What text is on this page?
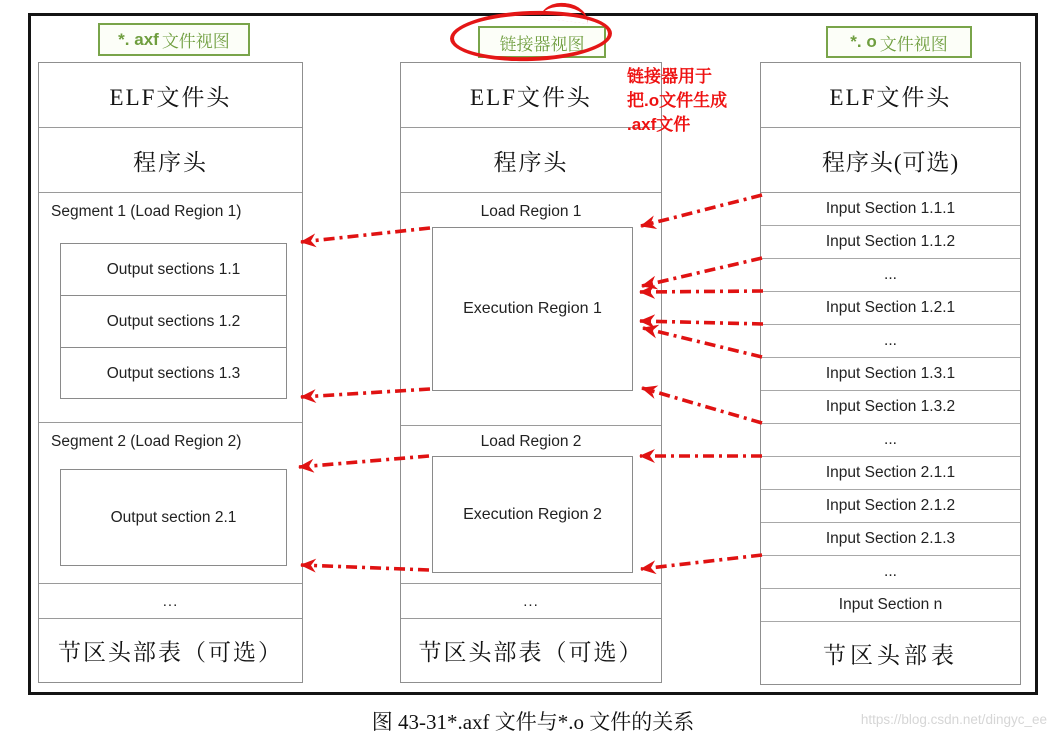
*. axf 文件视图	链接器视图	*. o 文件视图
链接器用于
把.o文件生成
.axf文件
ELF文件头
程序头
Segment 1 (Load Region 1)
Output sections 1.1
Output sections 1.2
Output sections 1.3
Segment 2 (Load Region 2)
Output section 2.1
...
节区头部表（可选）
ELF文件头
程序头
Load Region 1
Execution Region 1
Load Region 2
Execution Region 2
...
节区头部表（可选）
ELF文件头
程序头(可选)
Input Section 1.1.1
Input Section 1.1.2
...
Input Section 1.2.1
...
Input Section 1.3.1
Input Section 1.3.2
...
Input Section 2.1.1
Input Section 2.1.2
Input Section 2.1.3
...
Input Section n
节区头部表
图 43-31*.axf 文件与*.o 文件的关系	https://blog.csdn.net/dingyc_ee
